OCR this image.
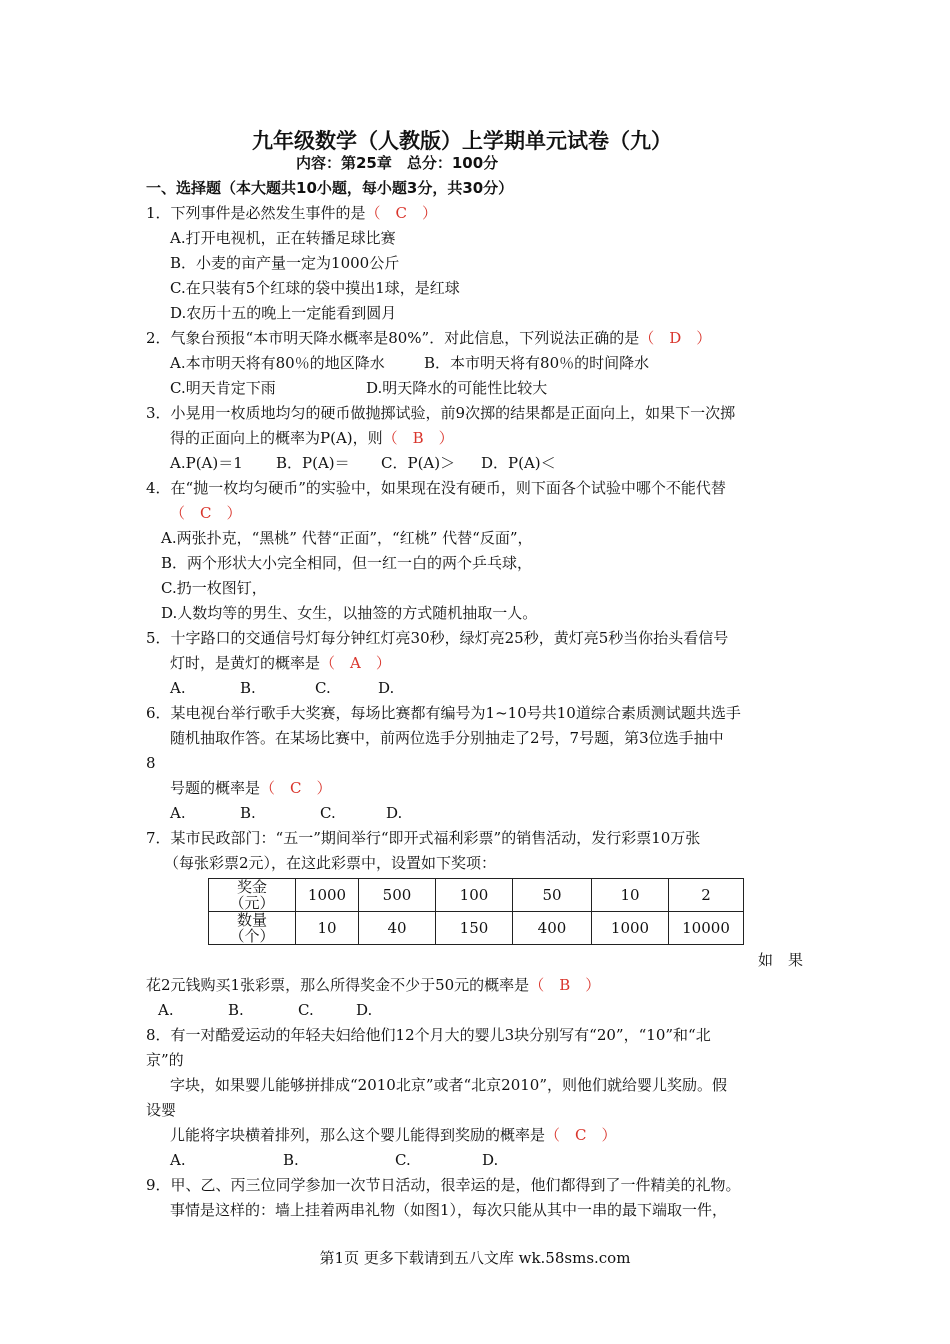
九年级数学（人教版）上学期单元试卷（九）
内容：第25章　总分：100分
一、选择题（本大题共10小题，每小题3分，共30分）
1．下列事件是必然发生事件的是（　C　）
A.打开电视机，正在转播足球比赛
B．小麦的亩产量一定为1000公斤
C.在只装有5个红球的袋中摸出1球，是红球
D.农历十五的晚上一定能看到圆月
2．气象台预报“本市明天降水概率是80%”．对此信息，下列说法正确的是（　D　）
A.本市明天将有80％的地区降水	B．本市明天将有80％的时间降水
C.明天肯定下雨	D.明天降水的可能性比较大
3．小晃用一枚质地均匀的硬币做抛掷试验，前9次掷的结果都是正面向上，如果下一次掷
得的正面向上的概率为P(A)，则（　B　）
A.P(A)＝1 B．P(A)＝ C．P(A)＞ D．P(A)＜
4．在“抛一枚均匀硬币”的实验中，如果现在没有硬币，则下面各个试验中哪个不能代替
（　C　）
A.两张扑克，“黑桃” 代替“正面”，“红桃” 代替“反面”，
B．两个形状大小完全相同，但一红一白的两个乒乓球，
C.扔一枚图钉，
D.人数均等的男生、女生，以抽签的方式随机抽取一人。
5．十字路口的交通信号灯每分钟红灯亮30秒，绿灯亮25秒，黄灯亮5秒当你抬头看信号
灯时，是黄灯的概率是（　A　）
A.	B.	C.	D.
6．某电视台举行歌手大奖赛，每场比赛都有编号为1~10号共10道综合素质测试题共选手
随机抽取作答。在某场比赛中，前两位选手分别抽走了2号，7号题，第3位选手抽中
8
号题的概率是（　C　）
A.	B.	C.	D.
7．某市民政部门：“五一”期间举行“即开式福利彩票”的销售活动，发行彩票10万张
（每张彩票2元），在这此彩票中，设置如下奖项：
奖金
（元）	1000	500	100	50	10	2
数量
（个）	10	40	150	400	1000	10000
如　果
花2元钱购买1张彩票，那么所得奖金不少于50元的概率是（　B　）
A.	B.	C.	D.
8．有一对酷爱运动的年轻夫妇给他们12个月大的婴儿3块分别写有“20”，“10”和“北
京”的
字块，如果婴儿能够拼排成“2010北京”或者“北京2010”，则他们就给婴儿奖励。假
设婴
儿能将字块横着排列，那么这个婴儿能得到奖励的概率是（　C　）
A.	B.	C.	D.
9．甲、乙、丙三位同学参加一次节日活动，很幸运的是，他们都得到了一件精美的礼物。
事情是这样的：墙上挂着两串礼物（如图1），每次只能从其中一串的最下端取一件，
第1页 更多下载请到五八文库 wk.58sms.com
